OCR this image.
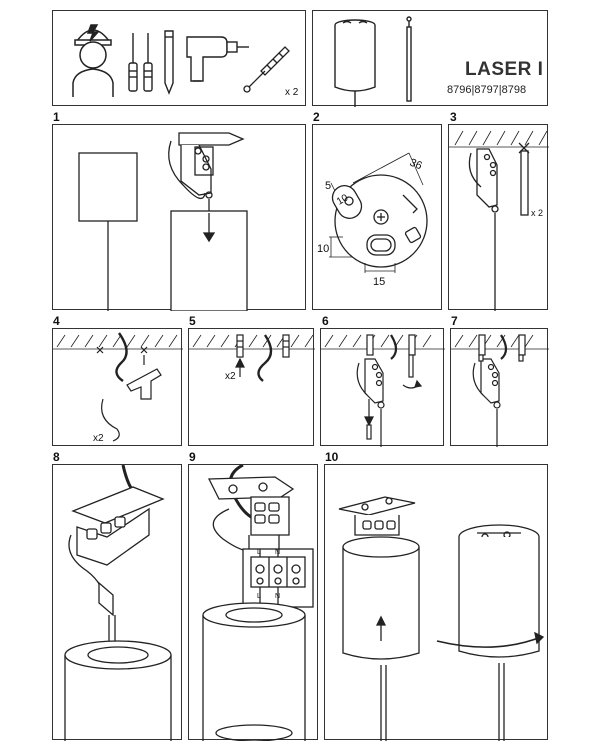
x 2
LASER I
8796|8797|8798
1	2
36
5
10
10
15
3
x 2
4
x2
5
x2
6	7
8	9
L N
L N
10
